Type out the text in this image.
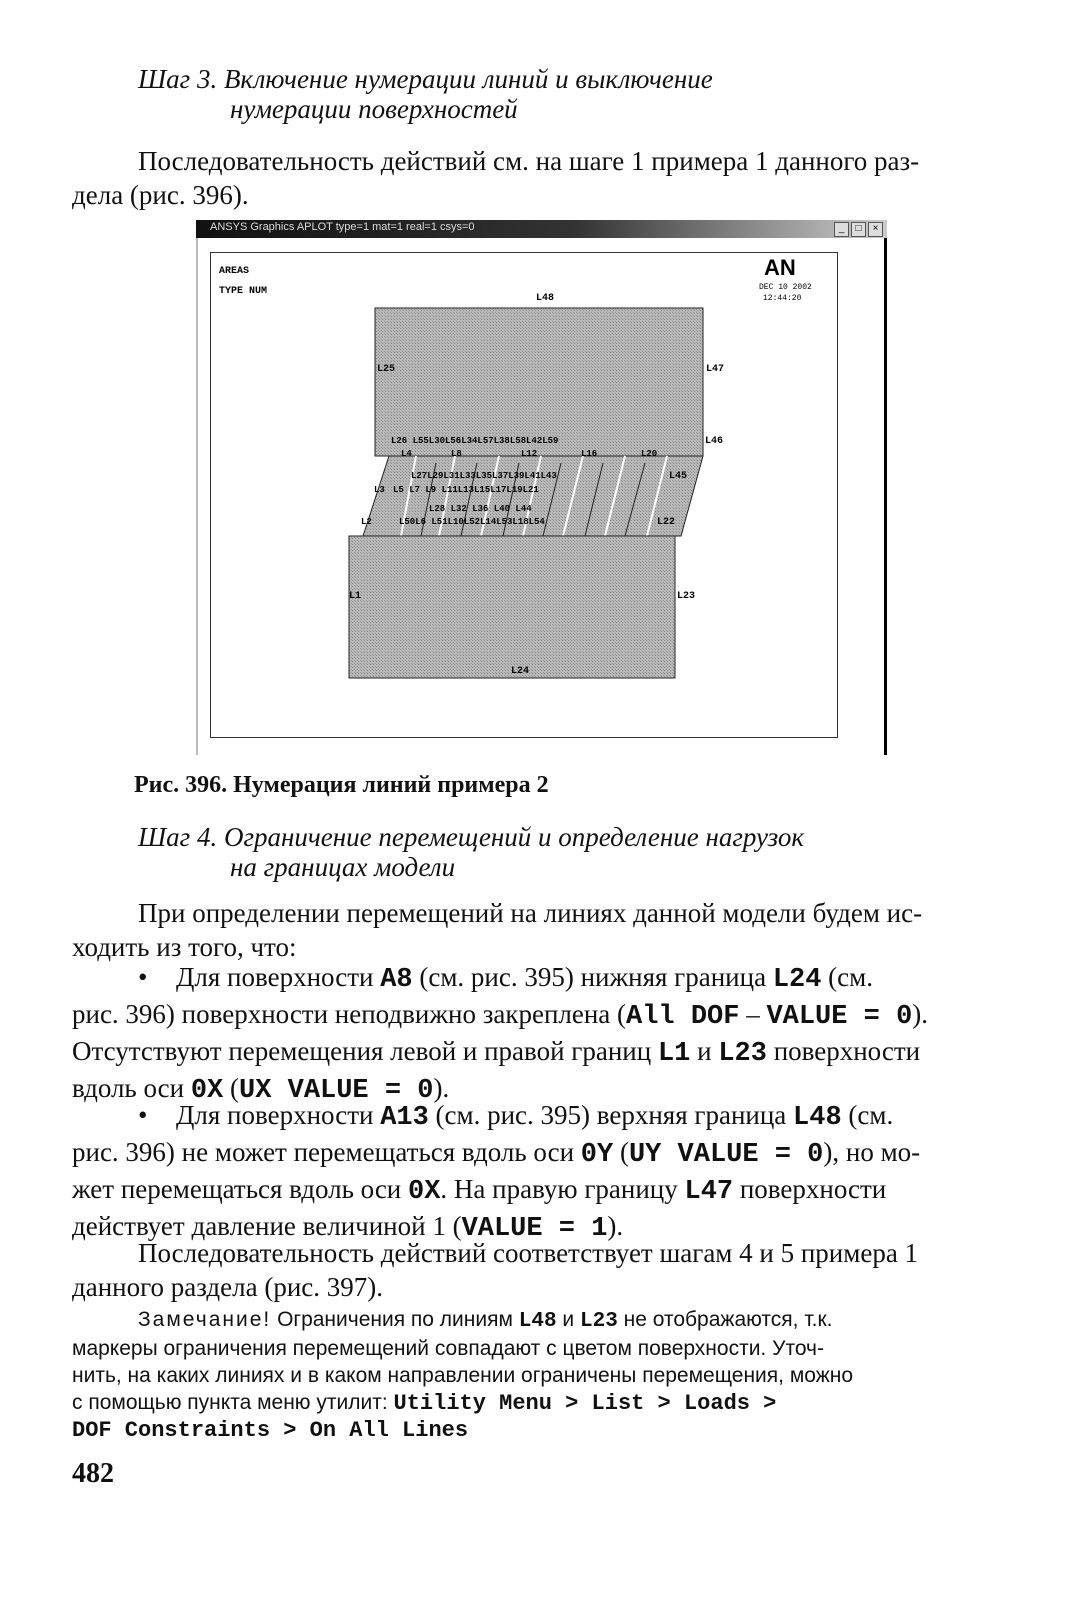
Шаг 3. Включение нумерации линий и выключение
нумерации поверхностей
Последовательность действий см. на шаге 1 примера 1 данного раз-
дела (рис. 396).
ANSYS Graphics APLOT type=1 mat=1 real=1 csys=0	_	□	×
AREAS
TYPE NUM
AN
DEC 10 2002
12:44:20
L48
L25	L47
L26 L55L30L56L34L57L38L58L42L59	L46
L4	L8	L12	L16	L20
L27L29L31L33L35L37L39L41L43	L45
L3 L5 L7 L9 L11L13L15L17L19L21
L28 L32 L36 L40 L44
L2	L50L6 L51L10L52L14L53L18L54	L22
L1	L23
L24
Рис. 396. Нумерация линий примера 2
Шаг 4. Ограничение перемещений и определение нагрузок
на границах модели
При определении перемещений на линиях данной модели будем ис-
ходить из того, что:
• Для поверхности A8 (см. рис. 395) нижняя граница L24 (см.
рис. 396) поверхности неподвижно закреплена (All DOF – VALUE = 0).
Отсутствуют перемещения левой и правой границ L1 и L23 поверхности
вдоль оси 0X (UX VALUE = 0).
• Для поверхности A13 (см. рис. 395) верхняя граница L48 (см.
рис. 396) не может перемещаться вдоль оси 0Y (UY VALUE = 0), но мо-
жет перемещаться вдоль оси 0X. На правую границу L47 поверхности
действует давление величиной 1 (VALUE = 1).
Последовательность действий соответствует шагам 4 и 5 примера 1
данного раздела (рис. 397).
Замечание! Ограничения по линиям L48 и L23 не отображаются, т.к.
маркеры ограничения перемещений совпадают с цветом поверхности. Уточ-
нить, на каких линиях и в каком направлении ограничены перемещения, можно
с помощью пункта меню утилит: Utility Menu > List > Loads >
DOF Constraints > On All Lines
482
